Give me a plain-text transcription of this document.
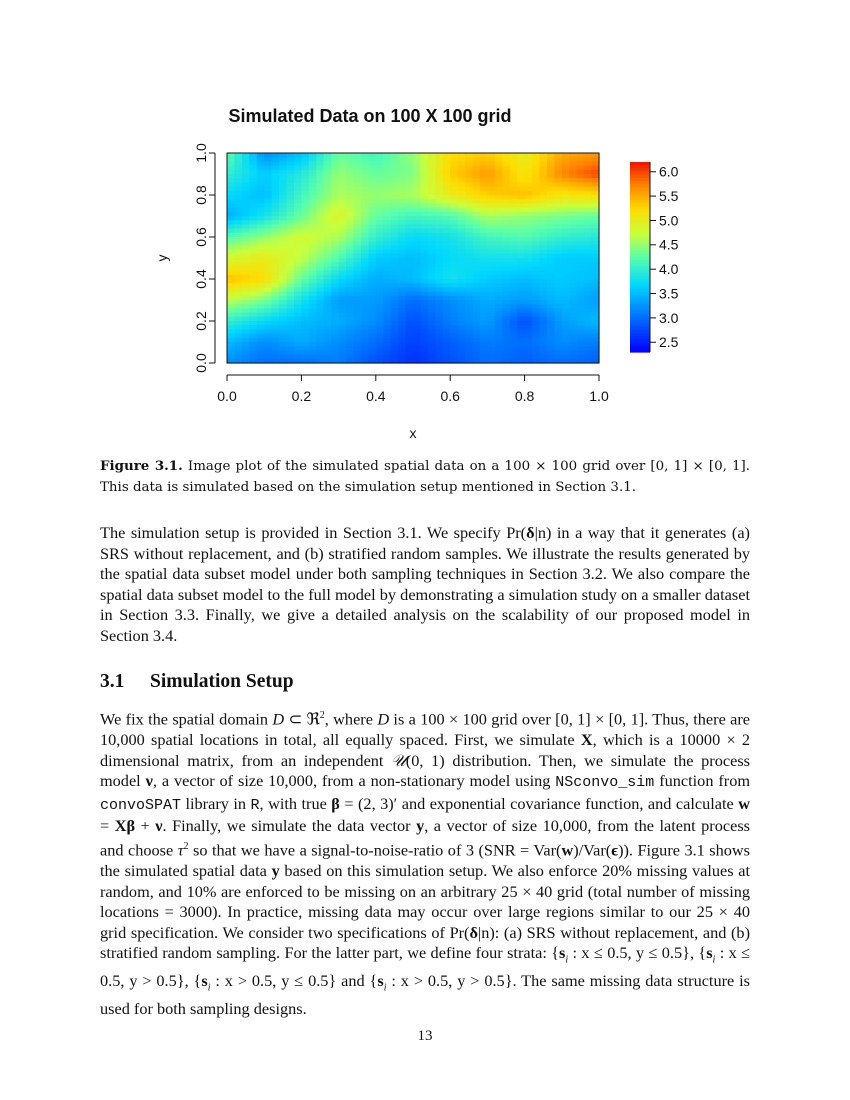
Simulated Data on 100 X 100 grid
0.0	0.2	0.4	0.6	0.8	1.0
x
0.0
0.2
0.4
0.6
0.8
1.0
y
6.0
5.5
5.0
4.5
4.0
3.5
3.0
2.5
Figure 3.1. Image plot of the simulated spatial data on a 100 × 100 grid over [0, 1] × [0, 1]. This data is simulated based on the simulation setup mentioned in Section 3.1.

The simulation setup is provided in Section 3.1. We specify Pr(δ|n) in a way that it generates (a) SRS without replacement, and (b) stratified random samples. We illustrate the results generated by the spatial data subset model under both sampling techniques in Section 3.2. We also compare the spatial data subset model to the full model by demonstrating a simulation study on a smaller dataset in Section 3.3. Finally, we give a detailed analysis on the scalability of our proposed model in Section 3.4.

3.1 Simulation Setup

We fix the spatial domain D ⊂ ℜ$^2$, where D is a 100 × 100 grid over [0, 1] × [0, 1]. Thus, there are 10,000 spatial locations in total, all equally spaced. First, we simulate X, which is a 10000 × 2 dimensional matrix, from an independent 𝒰(0, 1) distribution. Then, we simulate the process model ν, a vector of size 10,000, from a non-stationary model using NSconvo_sim function from convoSPAT library in R, with true β = (2, 3)′ and exponential covariance function, and calculate w = Xβ + ν. Finally, we simulate the data vector y, a vector of size 10,000, from the latent process and choose $\tau^2$ so that we have a signal-to-noise-ratio of 3 (SNR = Var(w)/Var(ϵ)). Figure 3.1 shows the simulated spatial data y based on this simulation setup. We also enforce 20% missing values at random, and 10% are enforced to be missing on an arbitrary 25 × 40 grid (total number of missing locations = 3000). In practice, missing data may occur over large regions similar to our 25 × 40 grid specification. We consider two specifications of Pr(δ|n): (a) SRS without replacement, and (b) stratified random sampling. For the latter part, we define four strata: {$s_i$ : x ≤ 0.5, y ≤ 0.5}, {$s_i$ : x ≤ 0.5, y > 0.5}, {$s_i$ : x > 0.5, y ≤ 0.5} and {$s_i$ : x > 0.5, y > 0.5}. The same missing data structure is used for both sampling designs.

13
